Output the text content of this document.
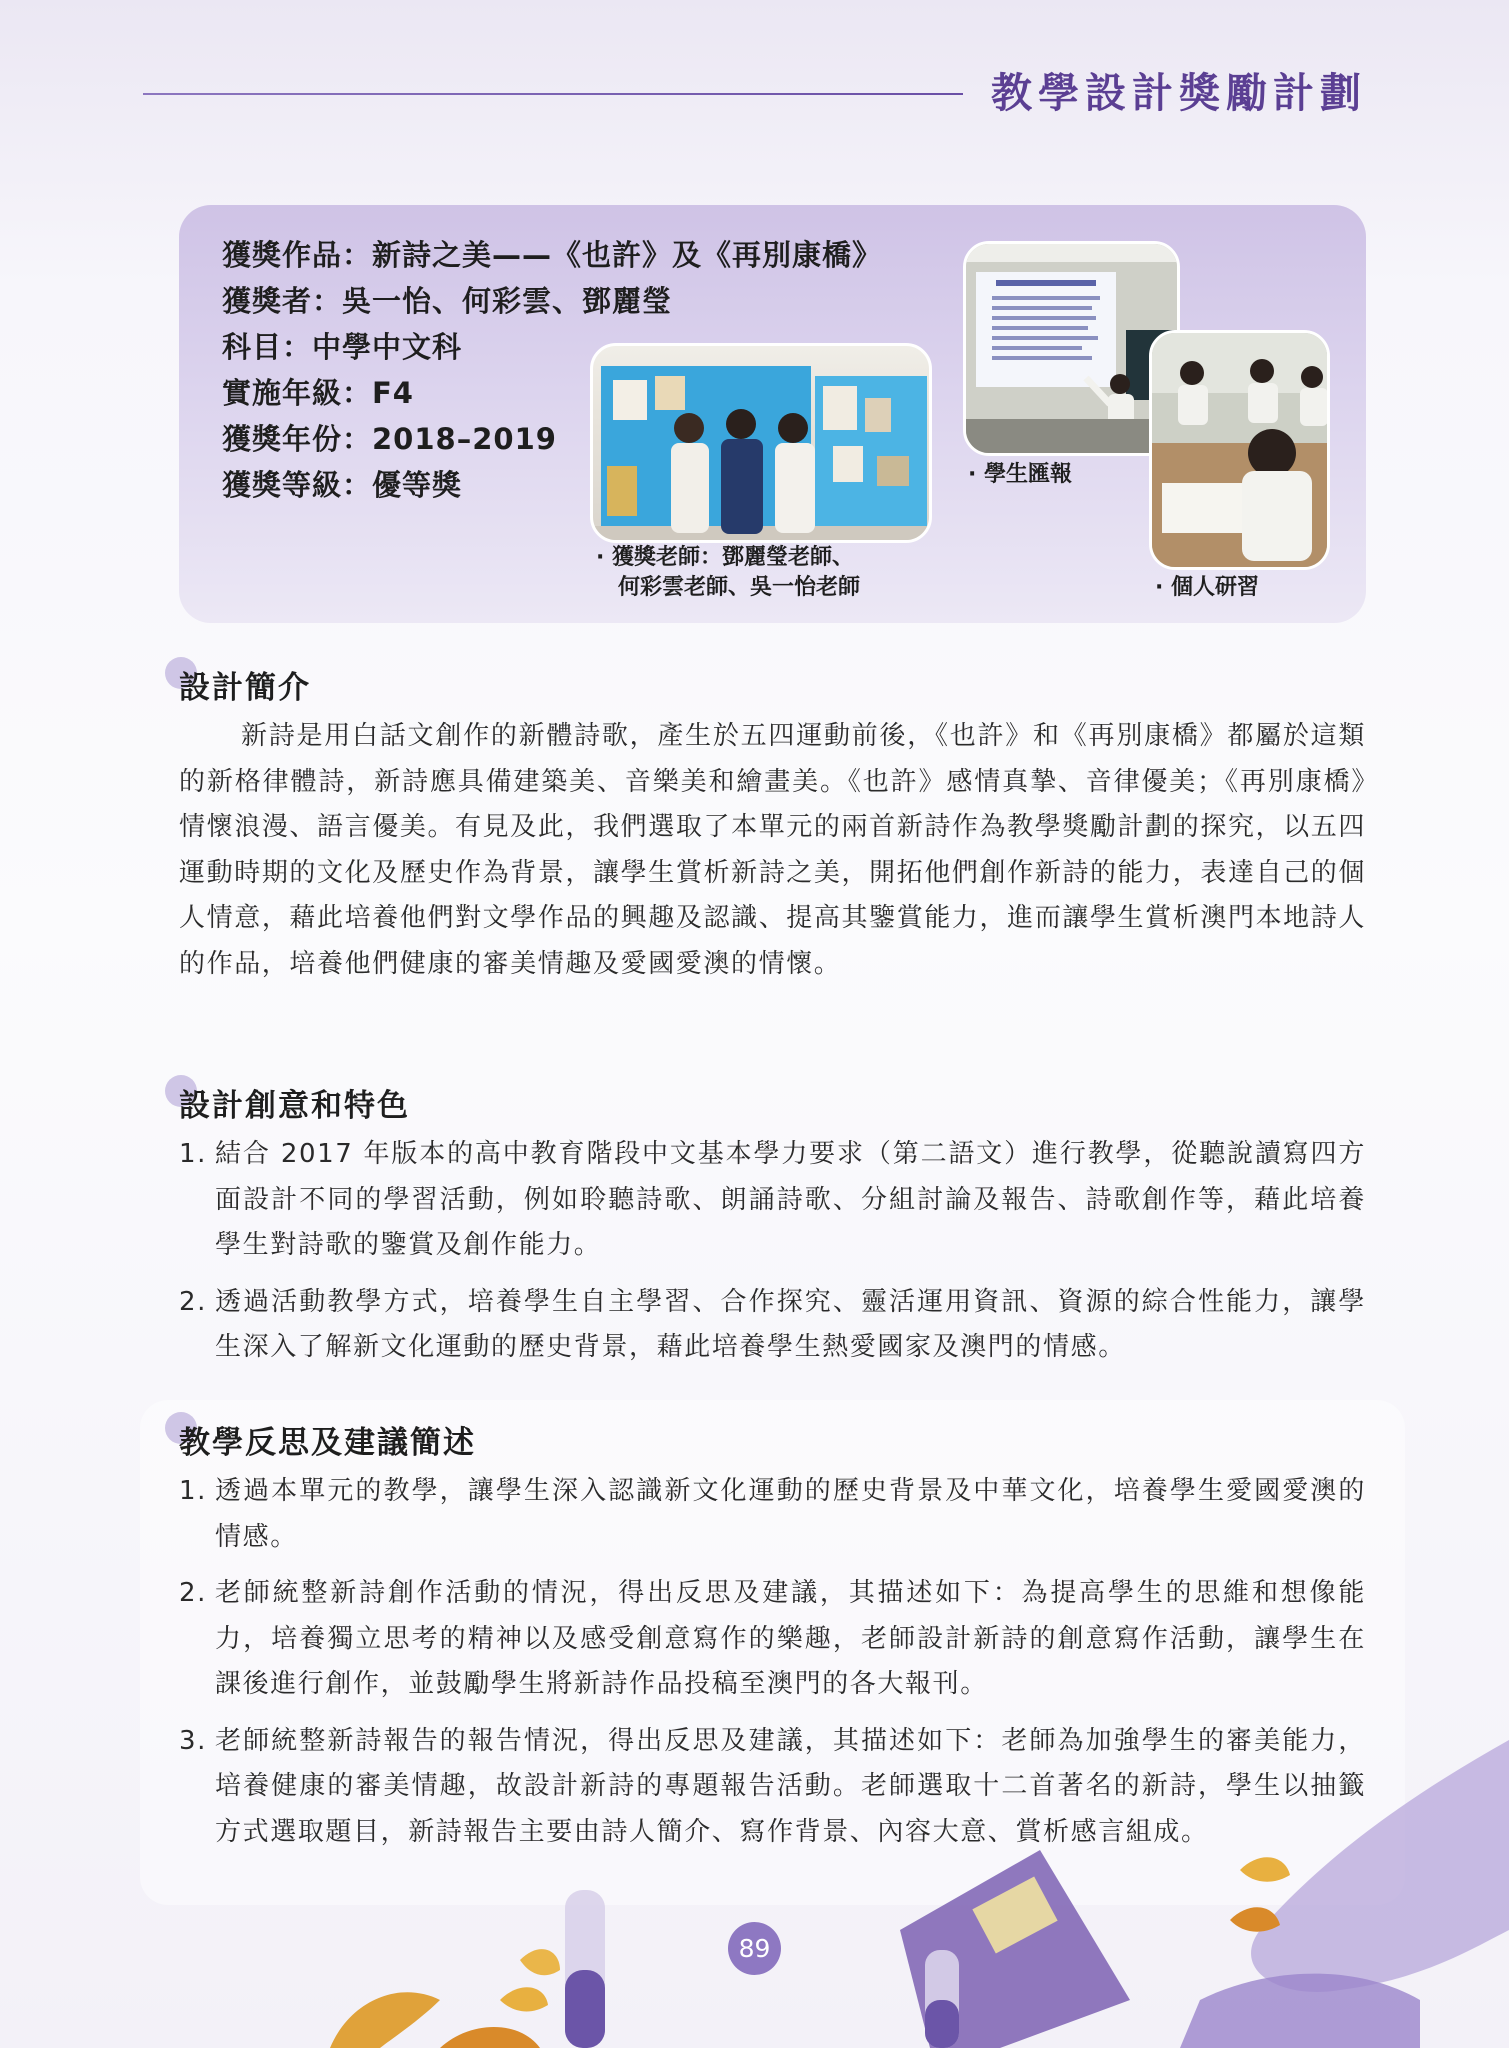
教學設計獎勵計劃
獲獎作品：新詩之美——《也許》及《再別康橋》
獲獎者：吳一怡、何彩雲、鄧麗瑩
科目：中學中文科
實施年級：F4
獲獎年份：2018–2019
獲獎等級：優等獎
· 獲獎老師：鄧麗瑩老師、
何彩雲老師、吳一怡老師
· 學生匯報
· 個人研習
設計簡介

新詩是用白話文創作的新體詩歌，產生於五四運動前後，《也許》和《再別康橋》都屬於這類的新格律體詩，新詩應具備建築美、音樂美和繪畫美。《也許》感情真摯、音律優美；《再別康橋》情懷浪漫、語言優美。有見及此，我們選取了本單元的兩首新詩作為教學獎勵計劃的探究，以五四運動時期的文化及歷史作為背景，讓學生賞析新詩之美，開拓他們創作新詩的能力，表達自己的個人情意，藉此培養他們對文學作品的興趣及認識、提高其鑒賞能力，進而讓學生賞析澳門本地詩人的作品，培養他們健康的審美情趣及愛國愛澳的情懷。

設計創意和特色
1. 結合 2017 年版本的高中教育階段中文基本學力要求（第二語文）進行教學，從聽說讀寫四方面設計不同的學習活動，例如聆聽詩歌、朗誦詩歌、分組討論及報告、詩歌創作等，藉此培養學生對詩歌的鑒賞及創作能力。
2. 透過活動教學方式，培養學生自主學習、合作探究、靈活運用資訊、資源的綜合性能力，讓學生深入了解新文化運動的歷史背景，藉此培養學生熱愛國家及澳門的情感。
教學反思及建議簡述
1. 透過本單元的教學，讓學生深入認識新文化運動的歷史背景及中華文化，培養學生愛國愛澳的情感。
2. 老師統整新詩創作活動的情況，得出反思及建議，其描述如下：為提高學生的思維和想像能力，培養獨立思考的精神以及感受創意寫作的樂趣，老師設計新詩的創意寫作活動，讓學生在課後進行創作，並鼓勵學生將新詩作品投稿至澳門的各大報刊。
3. 老師統整新詩報告的報告情況，得出反思及建議，其描述如下：老師為加強學生的審美能力，培養健康的審美情趣，故設計新詩的專題報告活動。老師選取十二首著名的新詩，學生以抽籤方式選取題目，新詩報告主要由詩人簡介、寫作背景、內容大意、賞析感言組成。
89
